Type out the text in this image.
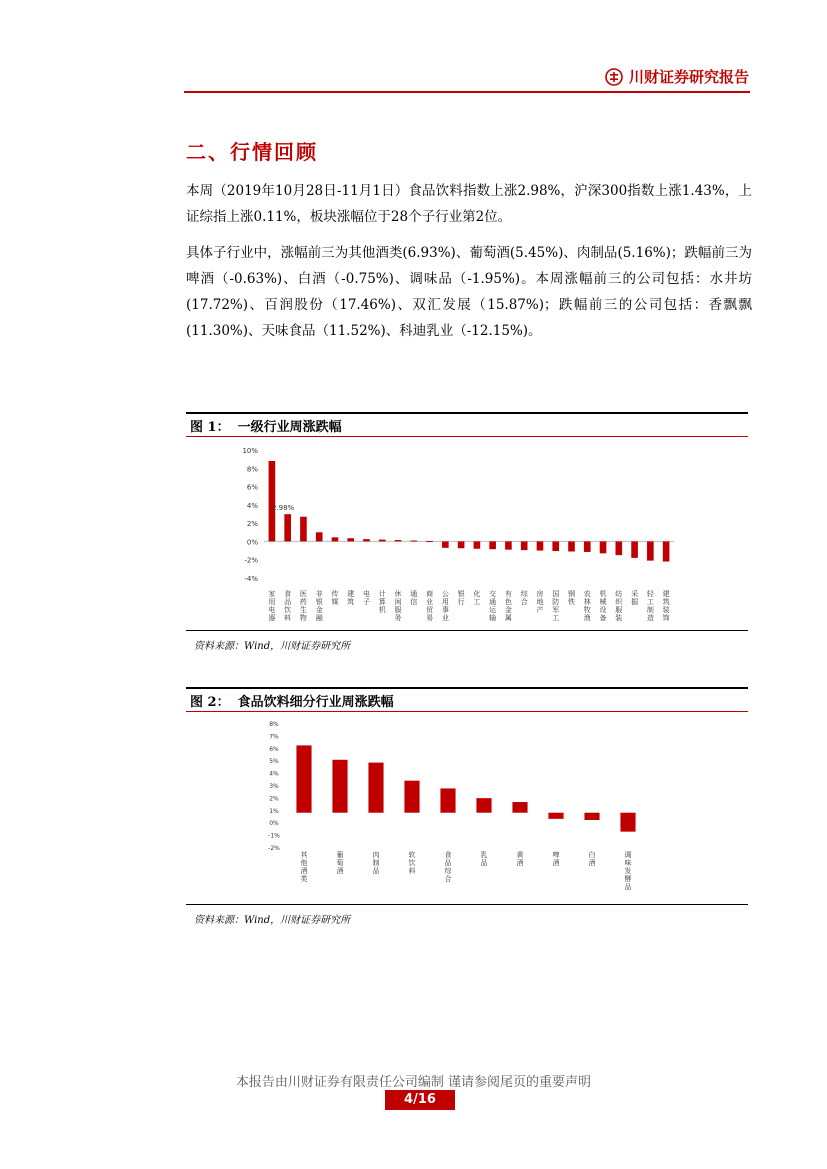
川财证券研究报告
二、行情回顾

本周（2019年10月28日-11月1日）食品饮料指数上涨2.98%，沪深300指数上涨1.43%，上证综指上涨0.11%，板块涨幅位于28个子行业第2位。

具体子行业中，涨幅前三为其他酒类(6.93%)、葡萄酒(5.45%)、肉制品(5.16%)；跌幅前三为啤酒（-0.63%)、白酒（-0.75%)、调味品（-1.95%)。本周涨幅前三的公司包括：水井坊 (17.72%)、百润股份（17.46%)、双汇发展（15.87%)；跌幅前三的公司包括：香飘飘 (11.30%)、天味食品（11.52%)、科迪乳业（-12.15%)。

图 1： 一级行业周涨跌幅
10%
8%
6%
4%
2%
0%
-2%
-4%
家用电器
食品饮料
医药生物
非银金融
传媒
建筑
电子
计算机
休闲服务
通信
商业贸易
公用事业
银行
化工
交通运输
有色金属
综合
房地产
国防军工
钢铁
农林牧渔
机械设备
纺织服装
采掘
轻工制造
建筑装饰
2.98%
资料来源：Wind，川财证券研究所
图 2： 食品饮料细分行业周涨跌幅
8%
7%
6%
5%
4%
3%
2%
1%
0%
-1%
-2%
其他酒类
葡萄酒
肉制品
软饮料
食品综合
乳品
黄酒
啤酒
白酒
调味发酵品
资料来源：Wind，川财证券研究所
本报告由川财证券有限责任公司编制 谨请参阅尾页的重要声明
4/16
